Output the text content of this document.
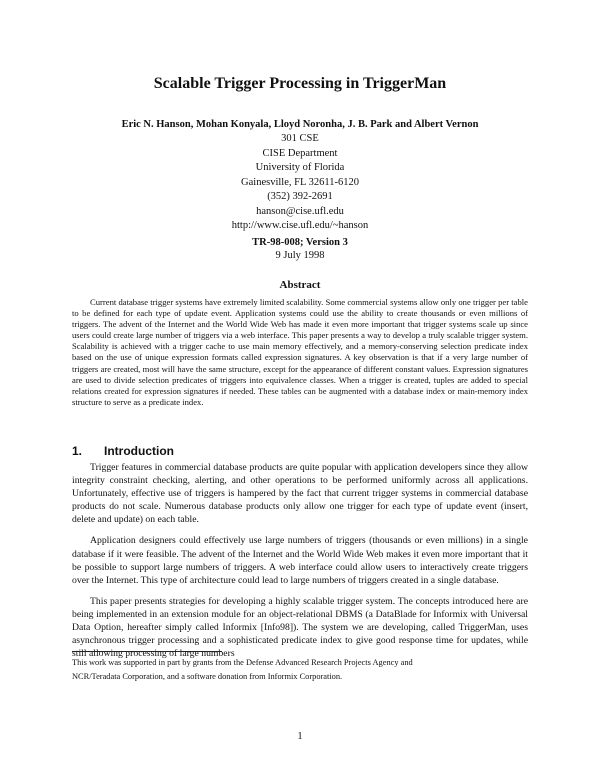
Scalable Trigger Processing in TriggerMan
Eric N. Hanson, Mohan Konyala, Lloyd Noronha, J. B. Park and Albert Vernon
301 CSE
CISE Department
University of Florida
Gainesville, FL 32611-6120
(352) 392-2691
hanson@cise.ufl.edu
http://www.cise.ufl.edu/~hanson
TR-98-008; Version 3
9 July 1998
Abstract

Current database trigger systems have extremely limited scalability. Some commercial systems allow only one trigger per table to be defined for each type of update event. Application systems could use the ability to create thousands or even millions of triggers. The advent of the Internet and the World Wide Web has made it even more important that trigger systems scale up since users could create large number of triggers via a web interface. This paper presents a way to develop a truly scalable trigger system. Scalability is achieved with a trigger cache to use main memory effectively, and a memory-conserving selection predicate index based on the use of unique expression formats called expression signatures. A key observation is that if a very large number of triggers are created, most will have the same structure, except for the appearance of different constant values. Expression signatures are used to divide selection predicates of triggers into equivalence classes. When a trigger is created, tuples are added to special relations created for expression signatures if needed. These tables can be augmented with a database index or main-memory index structure to serve as a predicate index.

1. Introduction

Trigger features in commercial database products are quite popular with application developers since they allow integrity constraint checking, alerting, and other operations to be performed uniformly across all applications. Unfortunately, effective use of triggers is hampered by the fact that current trigger systems in commercial database products do not scale. Numerous database products only allow one trigger for each type of update event (insert, delete and update) on each table.

Application designers could effectively use large numbers of triggers (thousands or even millions) in a single database if it were feasible. The advent of the Internet and the World Wide Web makes it even more important that it be possible to support large numbers of triggers. A web interface could allow users to interactively create triggers over the Internet. This type of architecture could lead to large numbers of triggers created in a single database.

This paper presents strategies for developing a highly scalable trigger system. The concepts introduced here are being implemented in an extension module for an object-relational DBMS (a DataBlade for Informix with Universal Data Option, hereafter simply called Informix [Info98]). The system we are developing, called TriggerMan, uses asynchronous trigger processing and a sophisticated predicate index to give good response time for updates, while still allowing processing of large numbers

This work was supported in part by grants from the Defense Advanced Research Projects Agency and
NCR/Teradata Corporation, and a software donation from Informix Corporation.
1
